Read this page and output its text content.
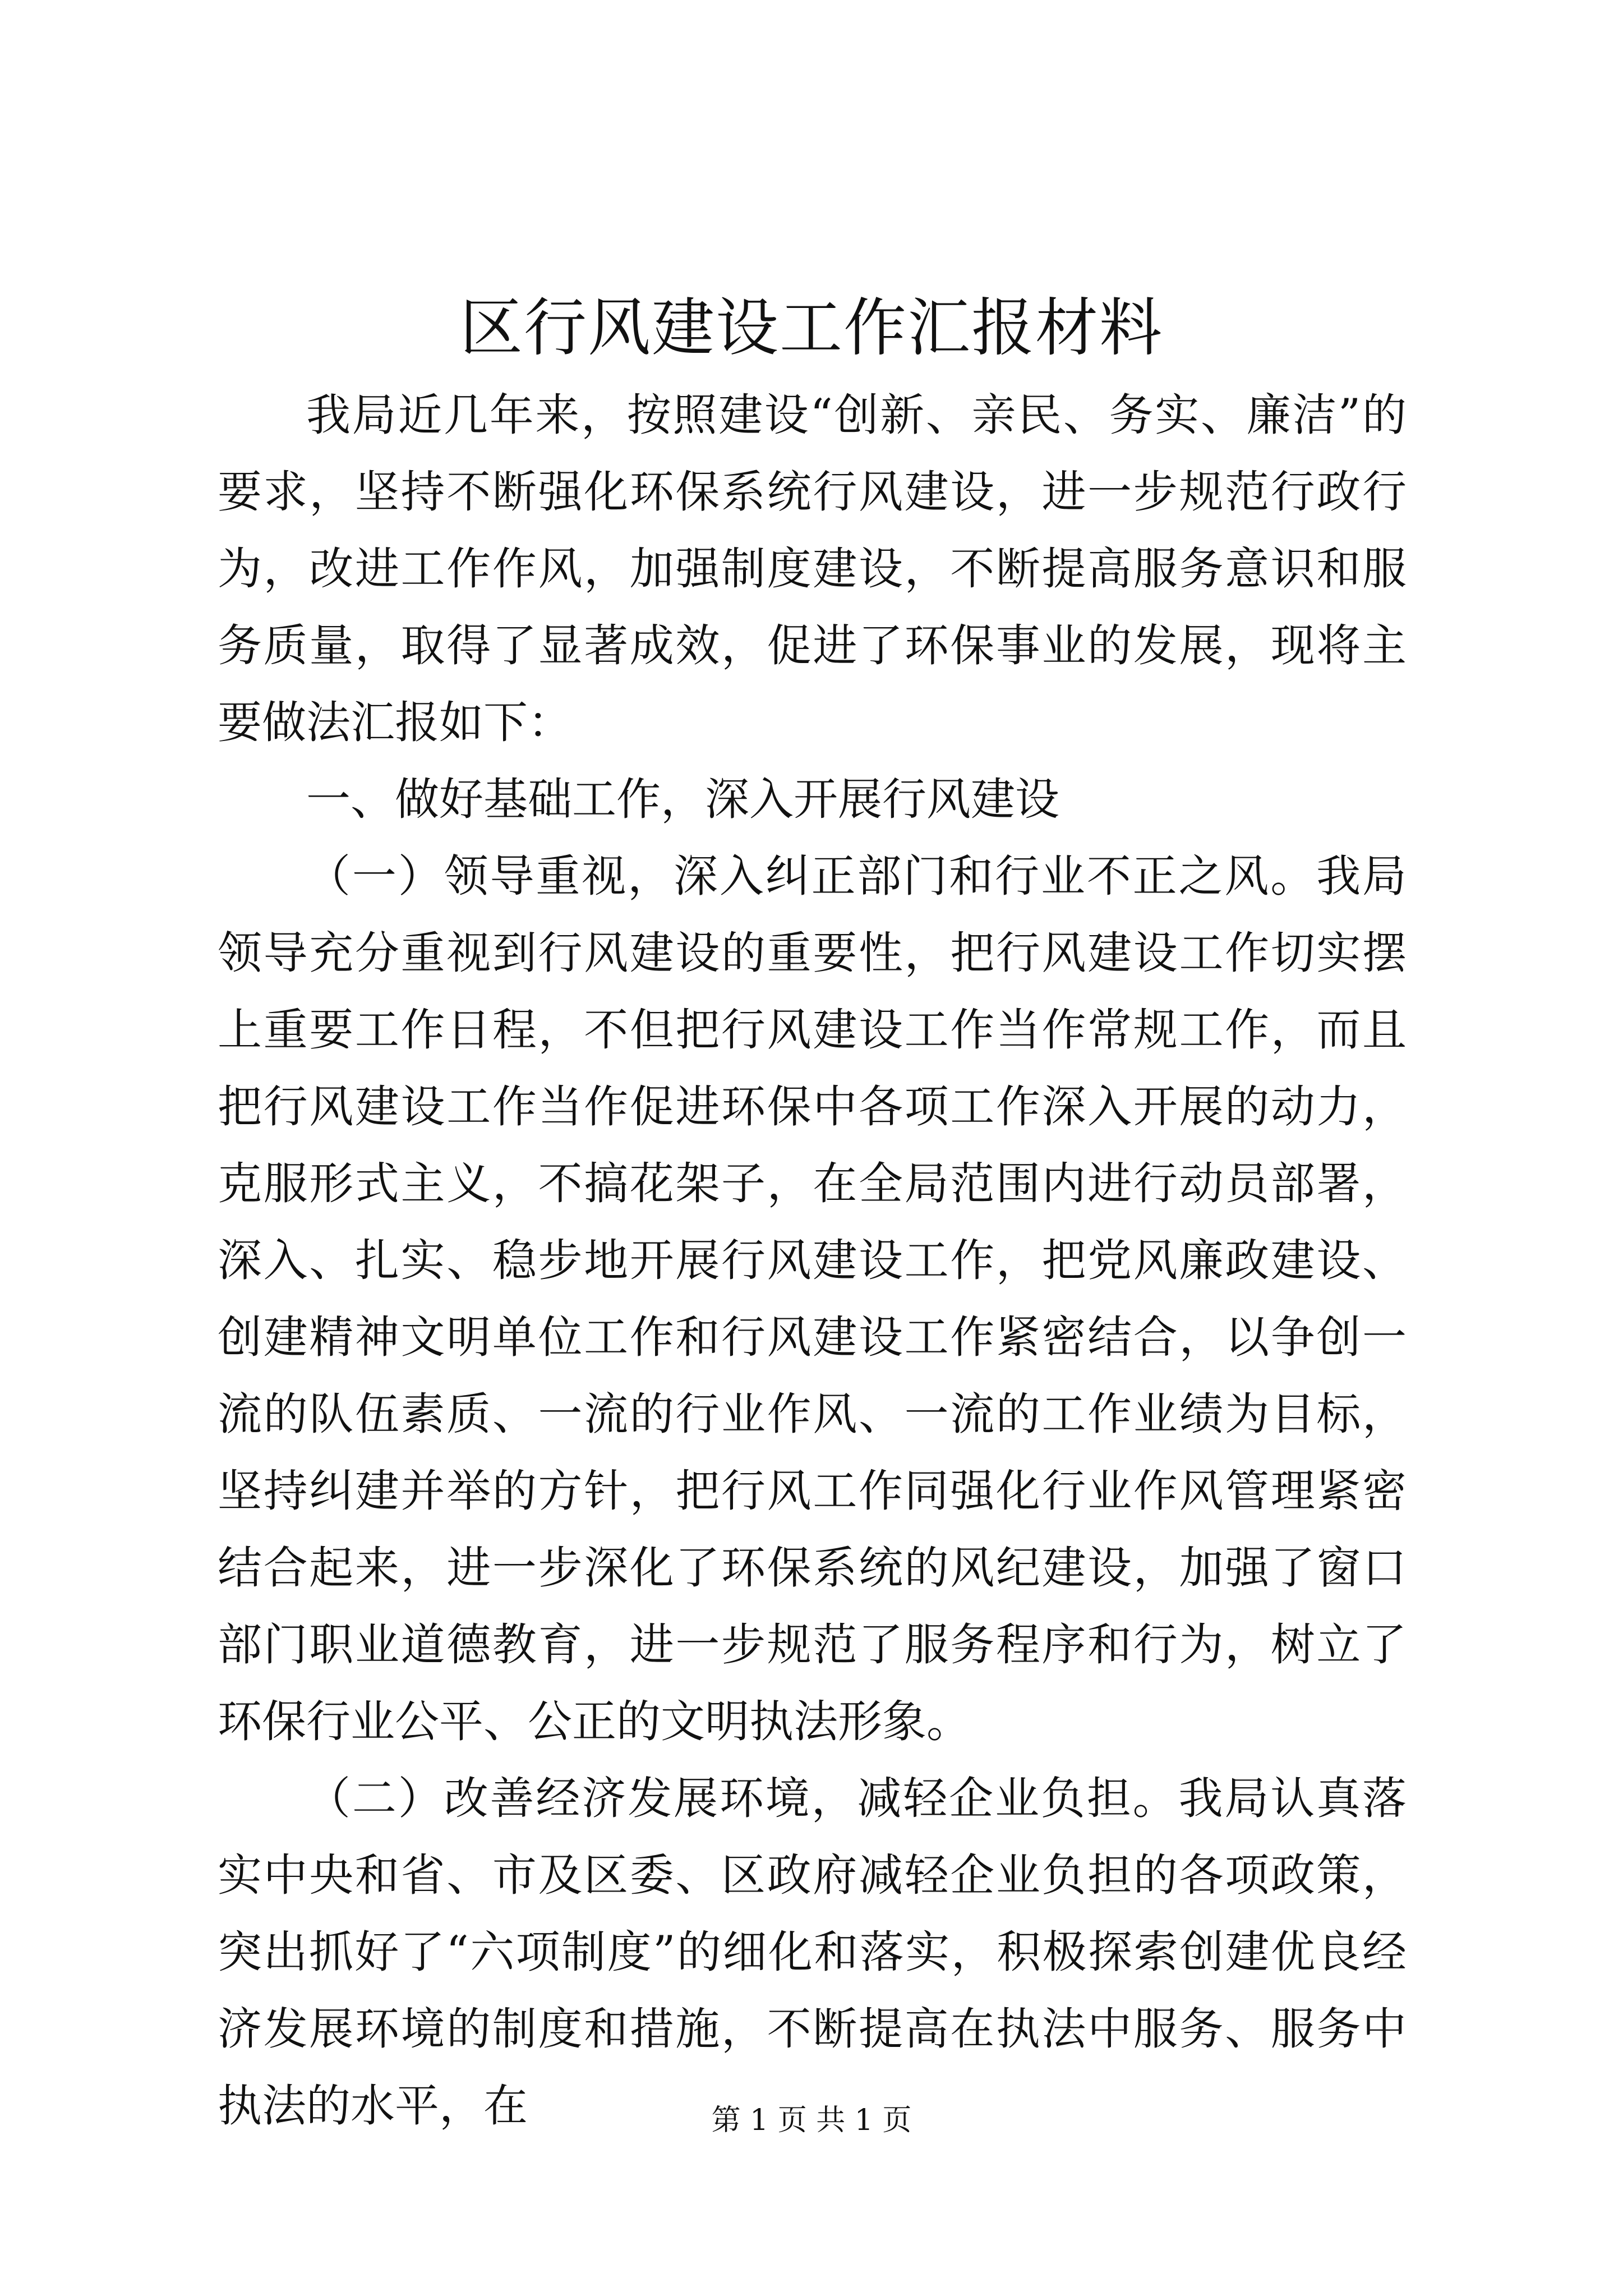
区行风建设工作汇报材料

我局近几年来，按照建设“创新、亲民、务实、廉洁”的要求，坚持不断强化环保系统行风建设，进一步规范行政行为，改进工作作风，加强制度建设，不断提高服务意识和服务质量，取得了显著成效，促进了环保事业的发展，现将主要做法汇报如下：

一、做好基础工作，深入开展行风建设

（一）领导重视，深入纠正部门和行业不正之风。我局领导充分重视到行风建设的重要性，把行风建设工作切实摆上重要工作日程，不但把行风建设工作当作常规工作，而且把行风建设工作当作促进环保中各项工作深入开展的动力，克服形式主义，不搞花架子，在全局范围内进行动员部署，深入、扎实、稳步地开展行风建设工作，把党风廉政建设、创建精神文明单位工作和行风建设工作紧密结合，以争创一流的队伍素质、一流的行业作风、一流的工作业绩为目标，坚持纠建并举的方针，把行风工作同强化行业作风管理紧密结合起来，进一步深化了环保系统的风纪建设，加强了窗口部门职业道德教育，进一步规范了服务程序和行为，树立了环保行业公平、公正的文明执法形象。

（二）改善经济发展环境，减轻企业负担。我局认真落实中央和省、市及区委、区政府减轻企业负担的各项政策，突出抓好了“六项制度”的细化和落实，积极探索创建优良经济发展环境的制度和措施，不断提高在执法中服务、服务中执法的水平，在	第 1 页 共 1 页
